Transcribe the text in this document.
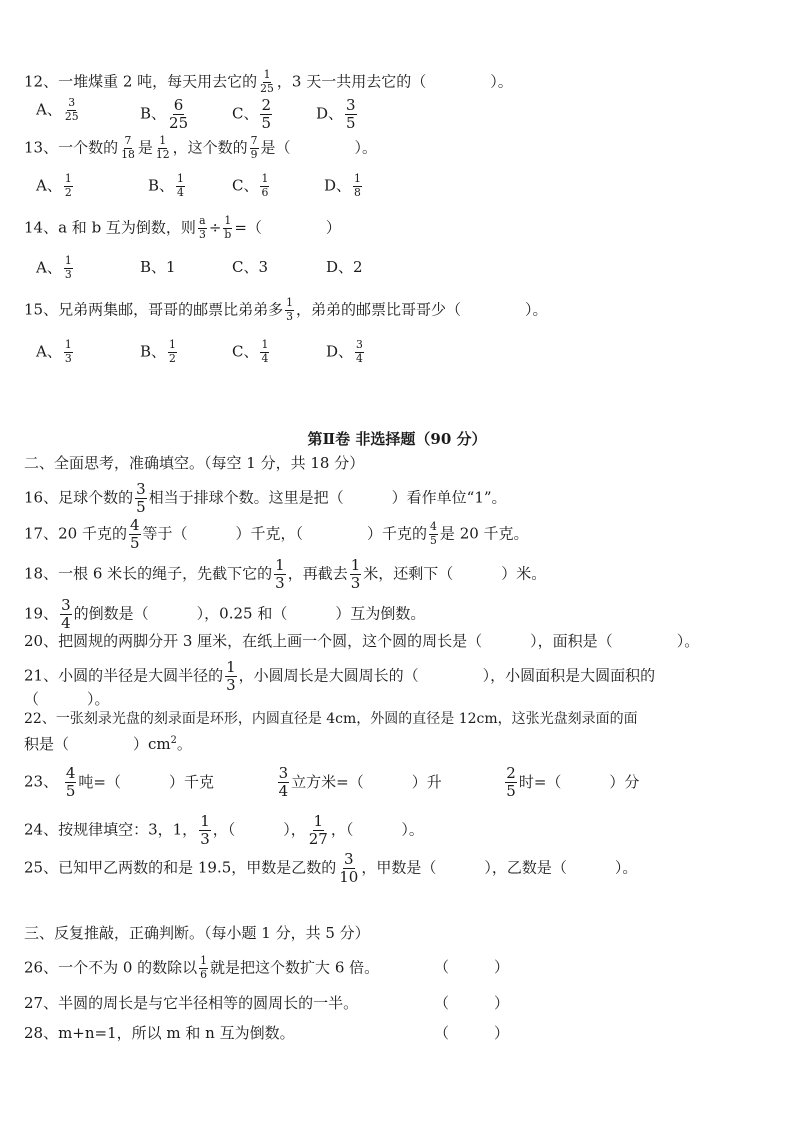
12、一堆煤重 2 吨，每天用去它的 $\frac{1}{25}$ ，3 天一共用去它的（	）。
A、 $\frac{3}{25}$	B、 $\frac{6}{25}$	C、 $\frac{2}{5}$	D、 $\frac{3}{5}$
13、一个数的 $\frac{7}{18}$ 是 $\frac{1}{12}$ ，这个数的 $\frac{7}{9}$ 是（	）。
A、 $\frac{1}{2}$	B、 $\frac{1}{4}$	C、 $\frac{1}{6}$	D、 $\frac{1}{8}$
14、a 和 b 互为倒数，则 $\frac{a}{3} \div \frac{1}{b}$ =（	）
A、 $\frac{1}{3}$	B、1	C、3	D、2
15、兄弟两集邮，哥哥的邮票比弟弟多 $\frac{1}{3}$ ，弟弟的邮票比哥哥少（	）。
A、 $\frac{1}{3}$	B、 $\frac{1}{2}$	C、 $\frac{1}{4}$	D、 $\frac{3}{4}$
第Ⅱ卷 非选择题（90 分）
二、全面思考，准确填空。（每空 1 分，共 18 分）
16、足球个数的 $\frac{3}{5}$ 相当于排球个数。这里是把（	）看作单位“1”。
17、20 千克的 $\frac{4}{5}$ 等于（	）千克，（	）千克的 $\frac{4}{5}$ 是 20 千克。
18、一根 6 米长的绳子，先截下它的 $\frac{1}{3}$ ，再截去 $\frac{1}{3}$ 米，还剩下（	）米。
19、 $\frac{3}{4}$ 的倒数是（	），0.25 和（	）互为倒数。
20、把圆规的两脚分开 3 厘米，在纸上画一个圆，这个圆的周长是（	），面积是（	）。
21、小圆的半径是大圆半径的 $\frac{1}{3}$ ，小圆周长是大圆周长的（	），小圆面积是大圆面积的
（	）。
22、一张刻录光盘的刻录面是环形，内圆直径是 4cm，外圆的直径是 12cm，这张光盘刻录面的面
积是（	）$cm^2$。
23、 $\frac{4}{5}$ 吨=（	）千克	$\frac{3}{4}$ 立方米=（	）升	$\frac{2}{5}$ 时=（	）分
24、按规律填空：3，1， $\frac{1}{3}$ ，（	）， $\frac{1}{27}$ ，（	）。
25、已知甲乙两数的和是 19.5，甲数是乙数的 $\frac{3}{10}$ ，甲数是（	），乙数是（	）。
三、反复推敲，正确判断。（每小题 1 分，共 5 分）
26、一个不为 0 的数除以 $\frac{1}{6}$ 就是把这个数扩大 6 倍。	（　　　）
27、半圆的周长是与它半径相等的圆周长的一半。	（　　　）
28、m+n=1，所以 m 和 n 互为倒数。	（　　　）
